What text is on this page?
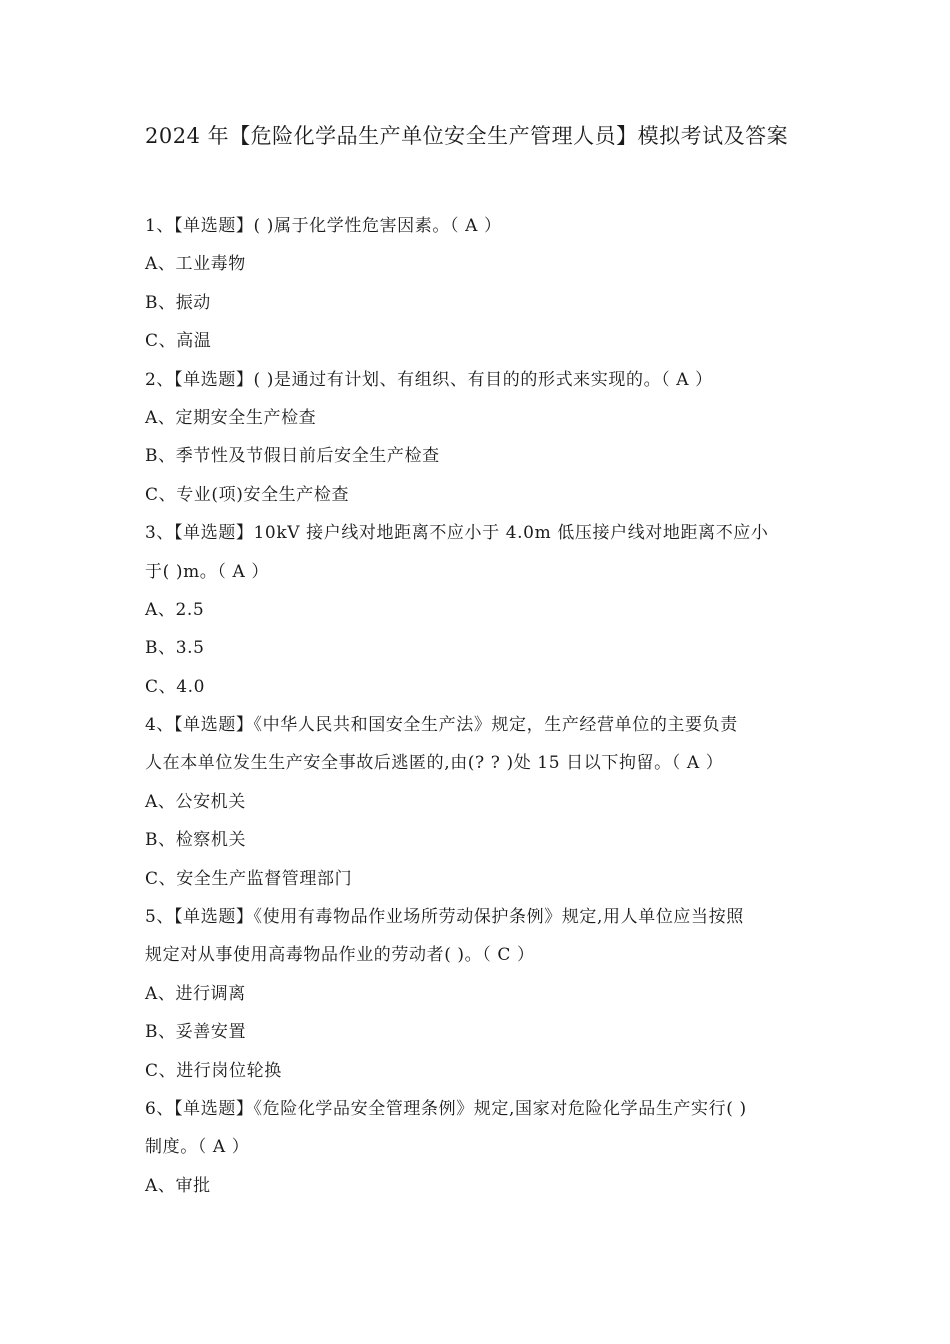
2024 年【危险化学品生产单位安全生产管理人员】模拟考试及答案
1、【单选题】( )属于化学性危害因素。（ A ）
A、工业毒物
B、振动
C、高温
2、【单选题】( )是通过有计划、有组织、有目的的形式来实现的。（ A ）
A、定期安全生产检查
B、季节性及节假日前后安全生产检查
C、专业(项)安全生产检查
3、【单选题】10kV 接户线对地距离不应小于 4.0m 低压接户线对地距离不应小
于( )m。（ A ）
A、2.5
B、3.5
C、4.0
4、【单选题】《中华人民共和国安全生产法》规定，生产经营单位的主要负责
人在本单位发生生产安全事故后逃匿的,由(? ? )处 15 日以下拘留。（ A ）
A、公安机关
B、检察机关
C、安全生产监督管理部门
5、【单选题】《使用有毒物品作业场所劳动保护条例》规定,用人单位应当按照
规定对从事使用高毒物品作业的劳动者( )。（ C ）
A、进行调离
B、妥善安置
C、进行岗位轮换
6、【单选题】《危险化学品安全管理条例》规定,国家对危险化学品生产实行( )
制度。（ A ）
A、审批
